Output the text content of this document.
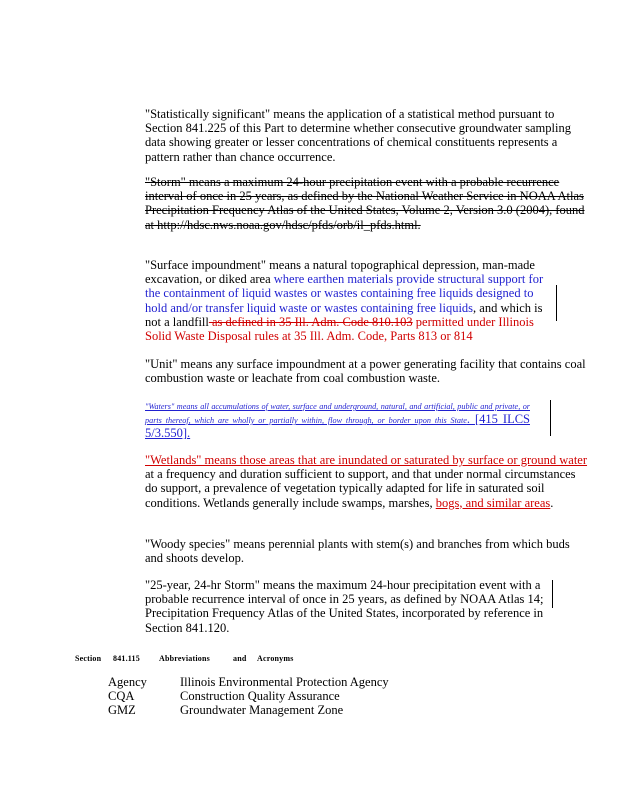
"Statistically significant" means the application of a statistical method pursuant to Section 841.225 of this Part to determine whether consecutive groundwater sampling data showing greater or lesser concentrations of chemical constituents represents a pattern rather than chance occurrence.

"Storm" means a maximum 24-hour precipitation event with a probable recurrence interval of once in 25 years, as defined by the National Weather Service in NOAA Atlas Precipitation Frequency Atlas of the United States, Volume 2, Version 3.0 (2004), found at http://hdsc.nws.noaa.gov/hdsc/pfds/orb/il_pfds.html.

"Surface impoundment" means a natural topographical depression, man-made excavation, or diked area where earthen materials provide structural support for the containment of liquid wastes or wastes containing free liquids designed to hold and/or transfer liquid waste or wastes containing free liquids, and which is not a landfill as defined in 35 Ill. Adm. Code 810.103 permitted under Illinois Solid Waste Disposal rules at 35 Ill. Adm. Code, Parts 813 or 814

"Unit" means any surface impoundment at a power generating facility that contains coal combustion waste or leachate from coal combustion waste.

"Waters" means all accumulations of water, surface and underground, natural, and artificial, public and private, or parts thereof, which are wholly or partially within, flow through, or border upon this State. [415 ILCS 5/3.550].

"Wetlands" means those areas that are inundated or saturated by surface or ground water at a frequency and duration sufficient to support, and that under normal circumstances do support, a prevalence of vegetation typically adapted for life in saturated soil conditions. Wetlands generally include swamps, marshes, bogs, and similar areas.

"Woody species" means perennial plants with stem(s) and branches from which buds and shoots develop.

"25-year, 24-hr Storm" means the maximum 24-hour precipitation event with a probable recurrence interval of once in 25 years, as defined by NOAA Atlas 14; Precipitation Frequency Atlas of the United States, incorporated by reference in Section 841.120.

Section 841.115 Abbreviations	and Acronyms
Agency	Illinois Environmental Protection Agency
CQA	Construction Quality Assurance
GMZ	Groundwater Management Zone
